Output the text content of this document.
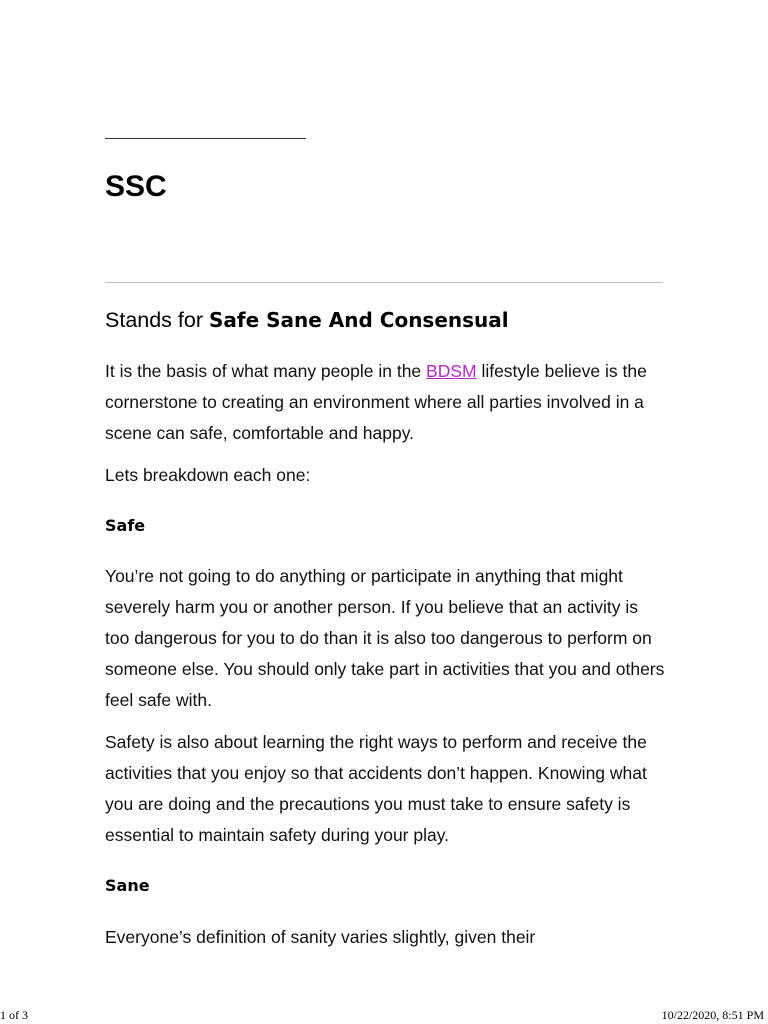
SSC
Stands for Safe Sane And Consensual

It is the basis of what many people in the BDSM lifestyle believe is the cornerstone to creating an environment where all parties involved in a scene can safe, comfortable and happy.

Lets breakdown each one:

Safe

You’re not going to do anything or participate in anything that might severely harm you or another person. If you believe that an activity is too dangerous for you to do than it is also too dangerous to perform on someone else. You should only take part in activities that you and others feel safe with.

Safety is also about learning the right ways to perform and receive the activities that you enjoy so that accidents don’t happen. Knowing what you are doing and the precautions you must take to ensure safety is essential to maintain safety during your play.

Sane

Everyone’s definition of sanity varies slightly, given their

1 of 3	10/22/2020, 8:51 PM
